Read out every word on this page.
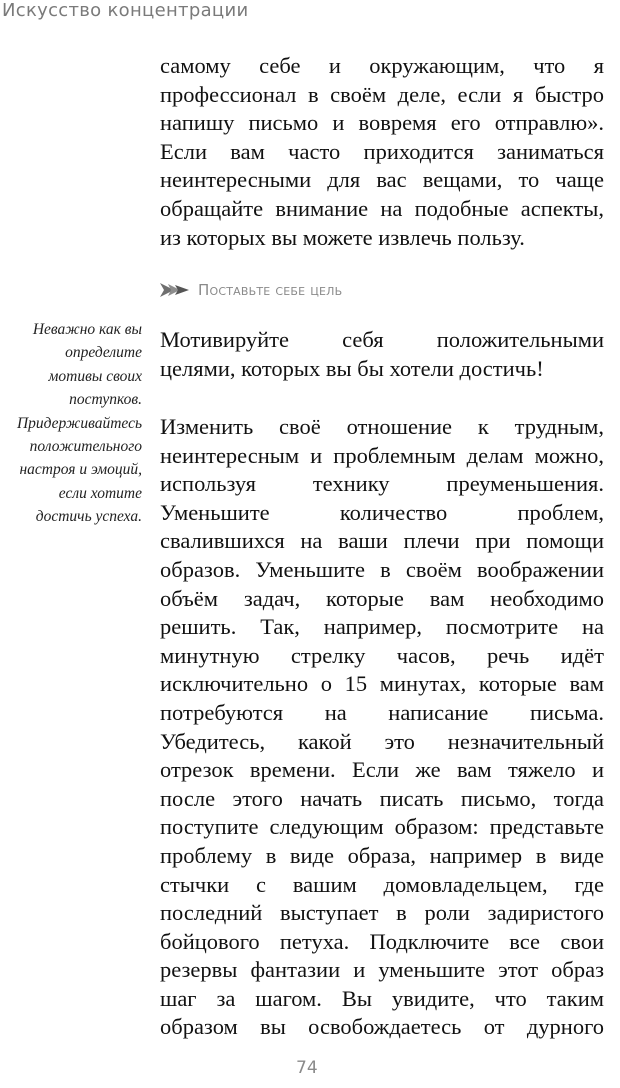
Искусство концентрации
Неважно как вы
определите
мотивы своих
поступков.
Придерживайтесь
положительного
настроя и эмоций,
если хотите
достичь успеха.

самому себе и окружающим, что я
профессионал в своём деле, если я быстро
напишу письмо и вовремя его отправлю».
Если вам часто приходится заниматься
неинтересными для вас вещами, то чаще
обращайте внимание на подобные аспекты,
из которых вы можете извлечь пользу.

Поставьте себе цель

Мотивируйте себя положительными
целями, которых вы бы хотели достичь!

Изменить своё отношение к трудным,
неинтересным и проблемным делам можно,
используя технику преуменьшения.
Уменьшите количество проблем,
свалившихся на ваши плечи при помощи
образов. Уменьшите в своём воображении
объём задач, которые вам необходимо
решить. Так, например, посмотрите на
минутную стрелку часов, речь идёт
исключительно о 15 минутах, которые вам
потребуются на написание письма.
Убедитесь, какой это незначительный
отрезок времени. Если же вам тяжело и
после этого начать писать письмо, тогда
поступите следующим образом: представьте
проблему в виде образа, например в виде
стычки с вашим домовладельцем, где
последний выступает в роли задиристого
бойцового петуха. Подключите все свои
резервы фантазии и уменьшите этот образ
шаг за шагом. Вы увидите, что таким
образом вы освобождаетесь от дурного

74
